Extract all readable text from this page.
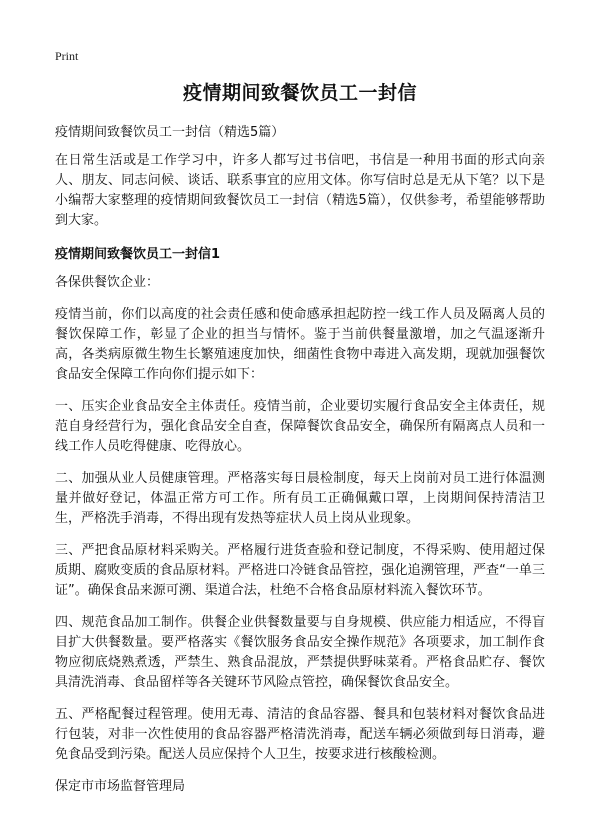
Print
疫情期间致餐饮员工一封信
疫情期间致餐饮员工一封信（精选5篇）

在日常生活或是工作学习中，许多人都写过书信吧，书信是一种用书面的形式向亲人、朋友、同志问候、谈话、联系事宜的应用文体。你写信时总是无从下笔？以下是小编帮大家整理的疫情期间致餐饮员工一封信（精选5篇），仅供参考，希望能够帮助到大家。

疫情期间致餐饮员工一封信1

各保供餐饮企业：

疫情当前，你们以高度的社会责任感和使命感承担起防控一线工作人员及隔离人员的餐饮保障工作，彰显了企业的担当与情怀。鉴于当前供餐量激增，加之气温逐渐升高，各类病原微生物生长繁殖速度加快，细菌性食物中毒进入高发期，现就加强餐饮食品安全保障工作向你们提示如下：

一、压实企业食品安全主体责任。疫情当前，企业要切实履行食品安全主体责任，规范自身经营行为，强化食品安全自查，保障餐饮食品安全，确保所有隔离点人员和一线工作人员吃得健康、吃得放心。

二、加强从业人员健康管理。严格落实每日晨检制度，每天上岗前对员工进行体温测量并做好登记，体温正常方可工作。所有员工正确佩戴口罩，上岗期间保持清洁卫生，严格洗手消毒，不得出现有发热等症状人员上岗从业现象。

三、严把食品原材料采购关。严格履行进货查验和登记制度，不得采购、使用超过保质期、腐败变质的食品原材料。严格进口冷链食品管控，强化追溯管理，严查“一单三证”。确保食品来源可溯、渠道合法，杜绝不合格食品原材料流入餐饮环节。

四、规范食品加工制作。供餐企业供餐数量要与自身规模、供应能力相适应，不得盲目扩大供餐数量。要严格落实《餐饮服务食品安全操作规范》各项要求，加工制作食物应彻底烧熟煮透，严禁生、熟食品混放，严禁提供野味菜肴。严格食品贮存、餐饮具清洗消毒、食品留样等各关键环节风险点管控，确保餐饮食品安全。

五、严格配餐过程管理。使用无毒、清洁的食品容器、餐具和包装材料对餐饮食品进行包装，对非一次性使用的食品容器严格清洗消毒，配送车辆必须做到每日消毒，避免食品受到污染。配送人员应保持个人卫生，按要求进行核酸检测。

保定市市场监督管理局
